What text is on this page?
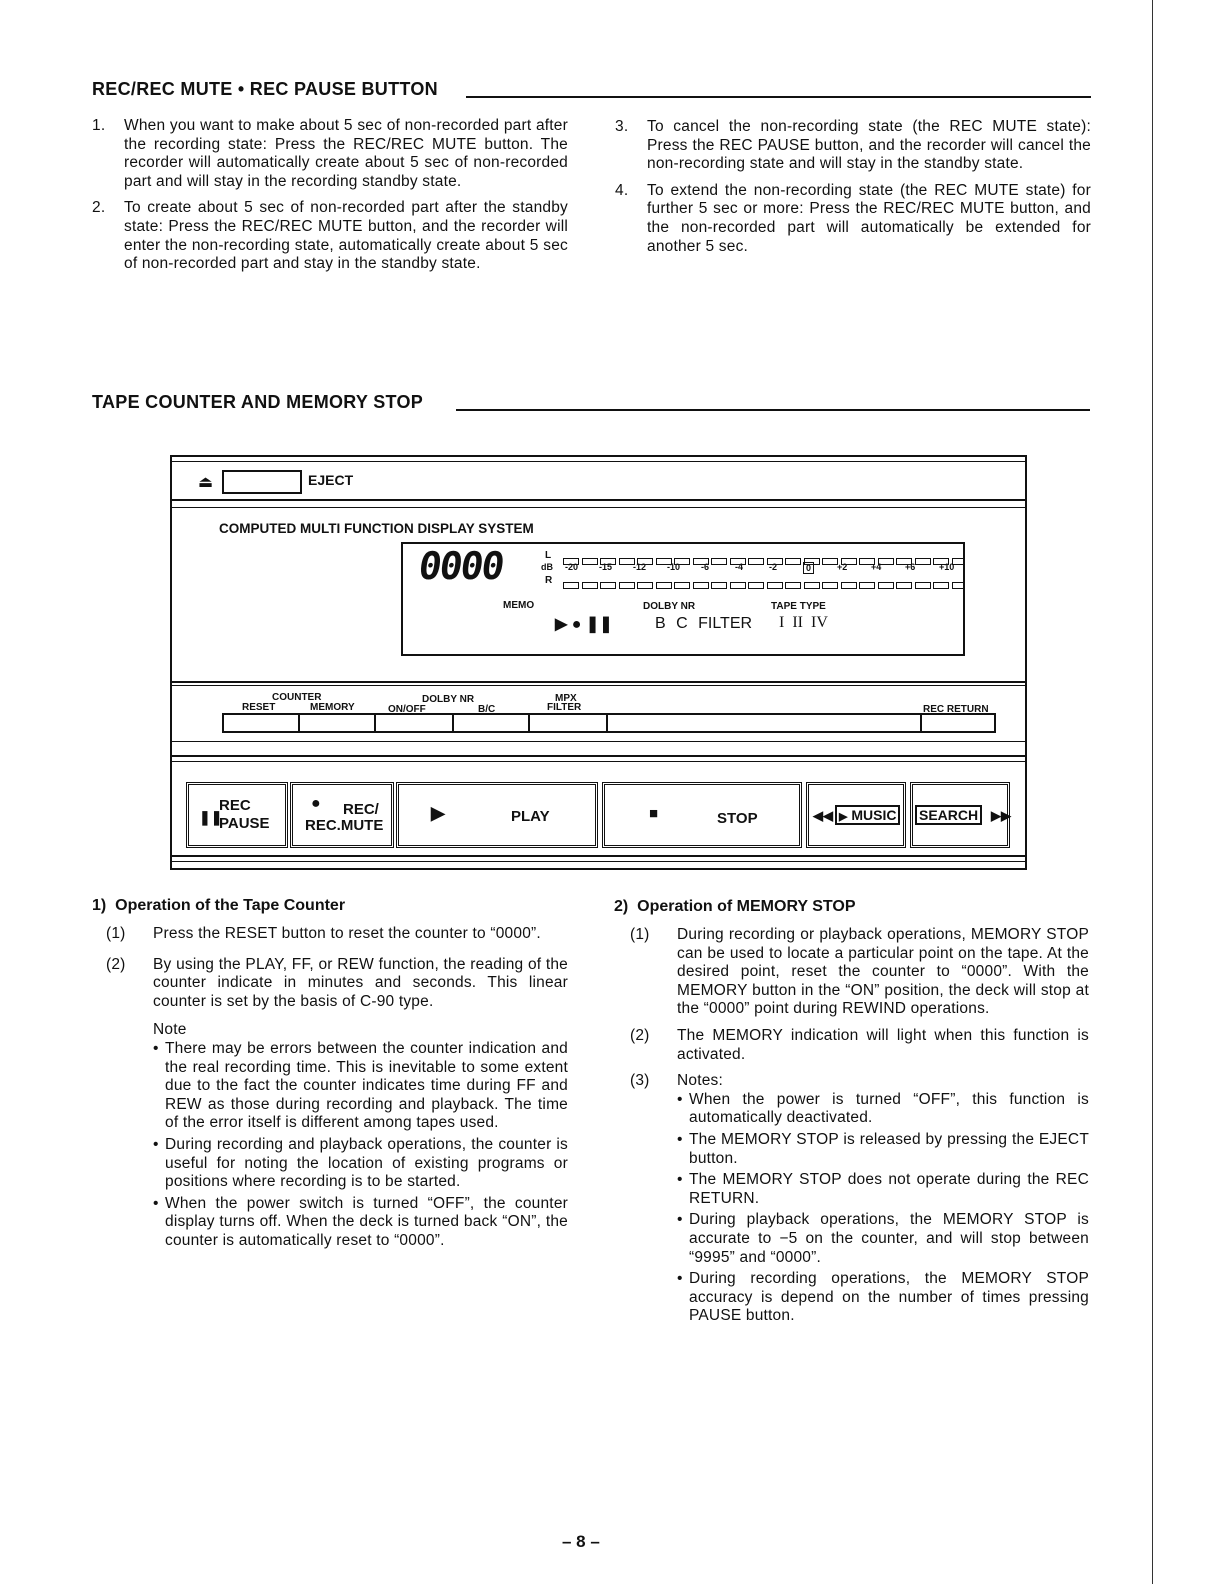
REC/REC MUTE • REC PAUSE BUTTON
1.	When you want to make about 5 sec of non-recorded part after the recording state: Press the REC/REC MUTE button. The recorder will automatically create about 5 sec of non-recorded part and will stay in the recording standby state.
2.	To create about 5 sec of non-recorded part after the standby state: Press the REC/REC MUTE button, and the recorder will enter the non-recording state, automatically create about 5 sec of non-recorded part and stay in the standby state.
3.	To cancel the non-recording state (the REC MUTE state): Press the REC PAUSE button, and the recorder will cancel the non-recording state and will stay in the standby state.
4.	To extend the non-recording state (the REC MUTE state) for further 5 sec or more: Press the REC/REC MUTE button, and the non-recorded part will automatically be extended for another 5 sec.
TAPE COUNTER AND MEMORY STOP
⏏	EJECT
COMPUTED MULTI FUNCTION DISPLAY SYSTEM
0000
MEMO
L
dB
R
-20 -15 -12 -10 -6	-4	-2	0	+2	+4	+6	+10
DOLBY NR	TAPE TYPE
▶ ● ❚❚	B C FILTER I II IV
COUNTER
RESET	MEMORY
DOLBY NR
ON/OFF	B/C
MPX
FILTER	REC RETURN
❚❚
REC
PAUSE
● REC/
REC.MUTE
▶	PLAY	■	STOP	◀◀ ▶ MUSIC SEARCH ▶▶
1) Operation of the Tape Counter
(1)	Press the RESET button to reset the counter to “0000”.
(2)	By using the PLAY, FF, or REW function, the reading of the counter indicate in minutes and seconds. This linear counter is set by the basis of C-90 type.
Note
• There may be errors between the counter indication and the real recording time. This is inevitable to some extent due to the fact the counter indicates time during FF and REW as those during recording and playback. The time of the error itself is different among tapes used.
• During recording and playback operations, the counter is useful for noting the location of existing programs or positions where recording is to be started.
• When the power switch is turned “OFF”, the counter display turns off. When the deck is turned back “ON”, the counter is automatically reset to “0000”.
2) Operation of MEMORY STOP
(1)	During recording or playback operations, MEMORY STOP can be used to locate a particular point on the tape. At the desired point, reset the counter to “0000”. With the MEMORY button in the “ON” position, the deck will stop at the “0000” point during REWIND operations.
(2)	The MEMORY indication will light when this function is activated.
(3)	Notes:
• When the power is turned “OFF”, this function is automatically deactivated.
• The MEMORY STOP is released by pressing the EJECT button.
• The MEMORY STOP does not operate during the REC RETURN.
• During playback operations, the MEMORY STOP is accurate to −5 on the counter, and will stop between “9995” and “0000”.
• During recording operations, the MEMORY STOP accuracy is depend on the number of times pressing PAUSE button.
– 8 –
